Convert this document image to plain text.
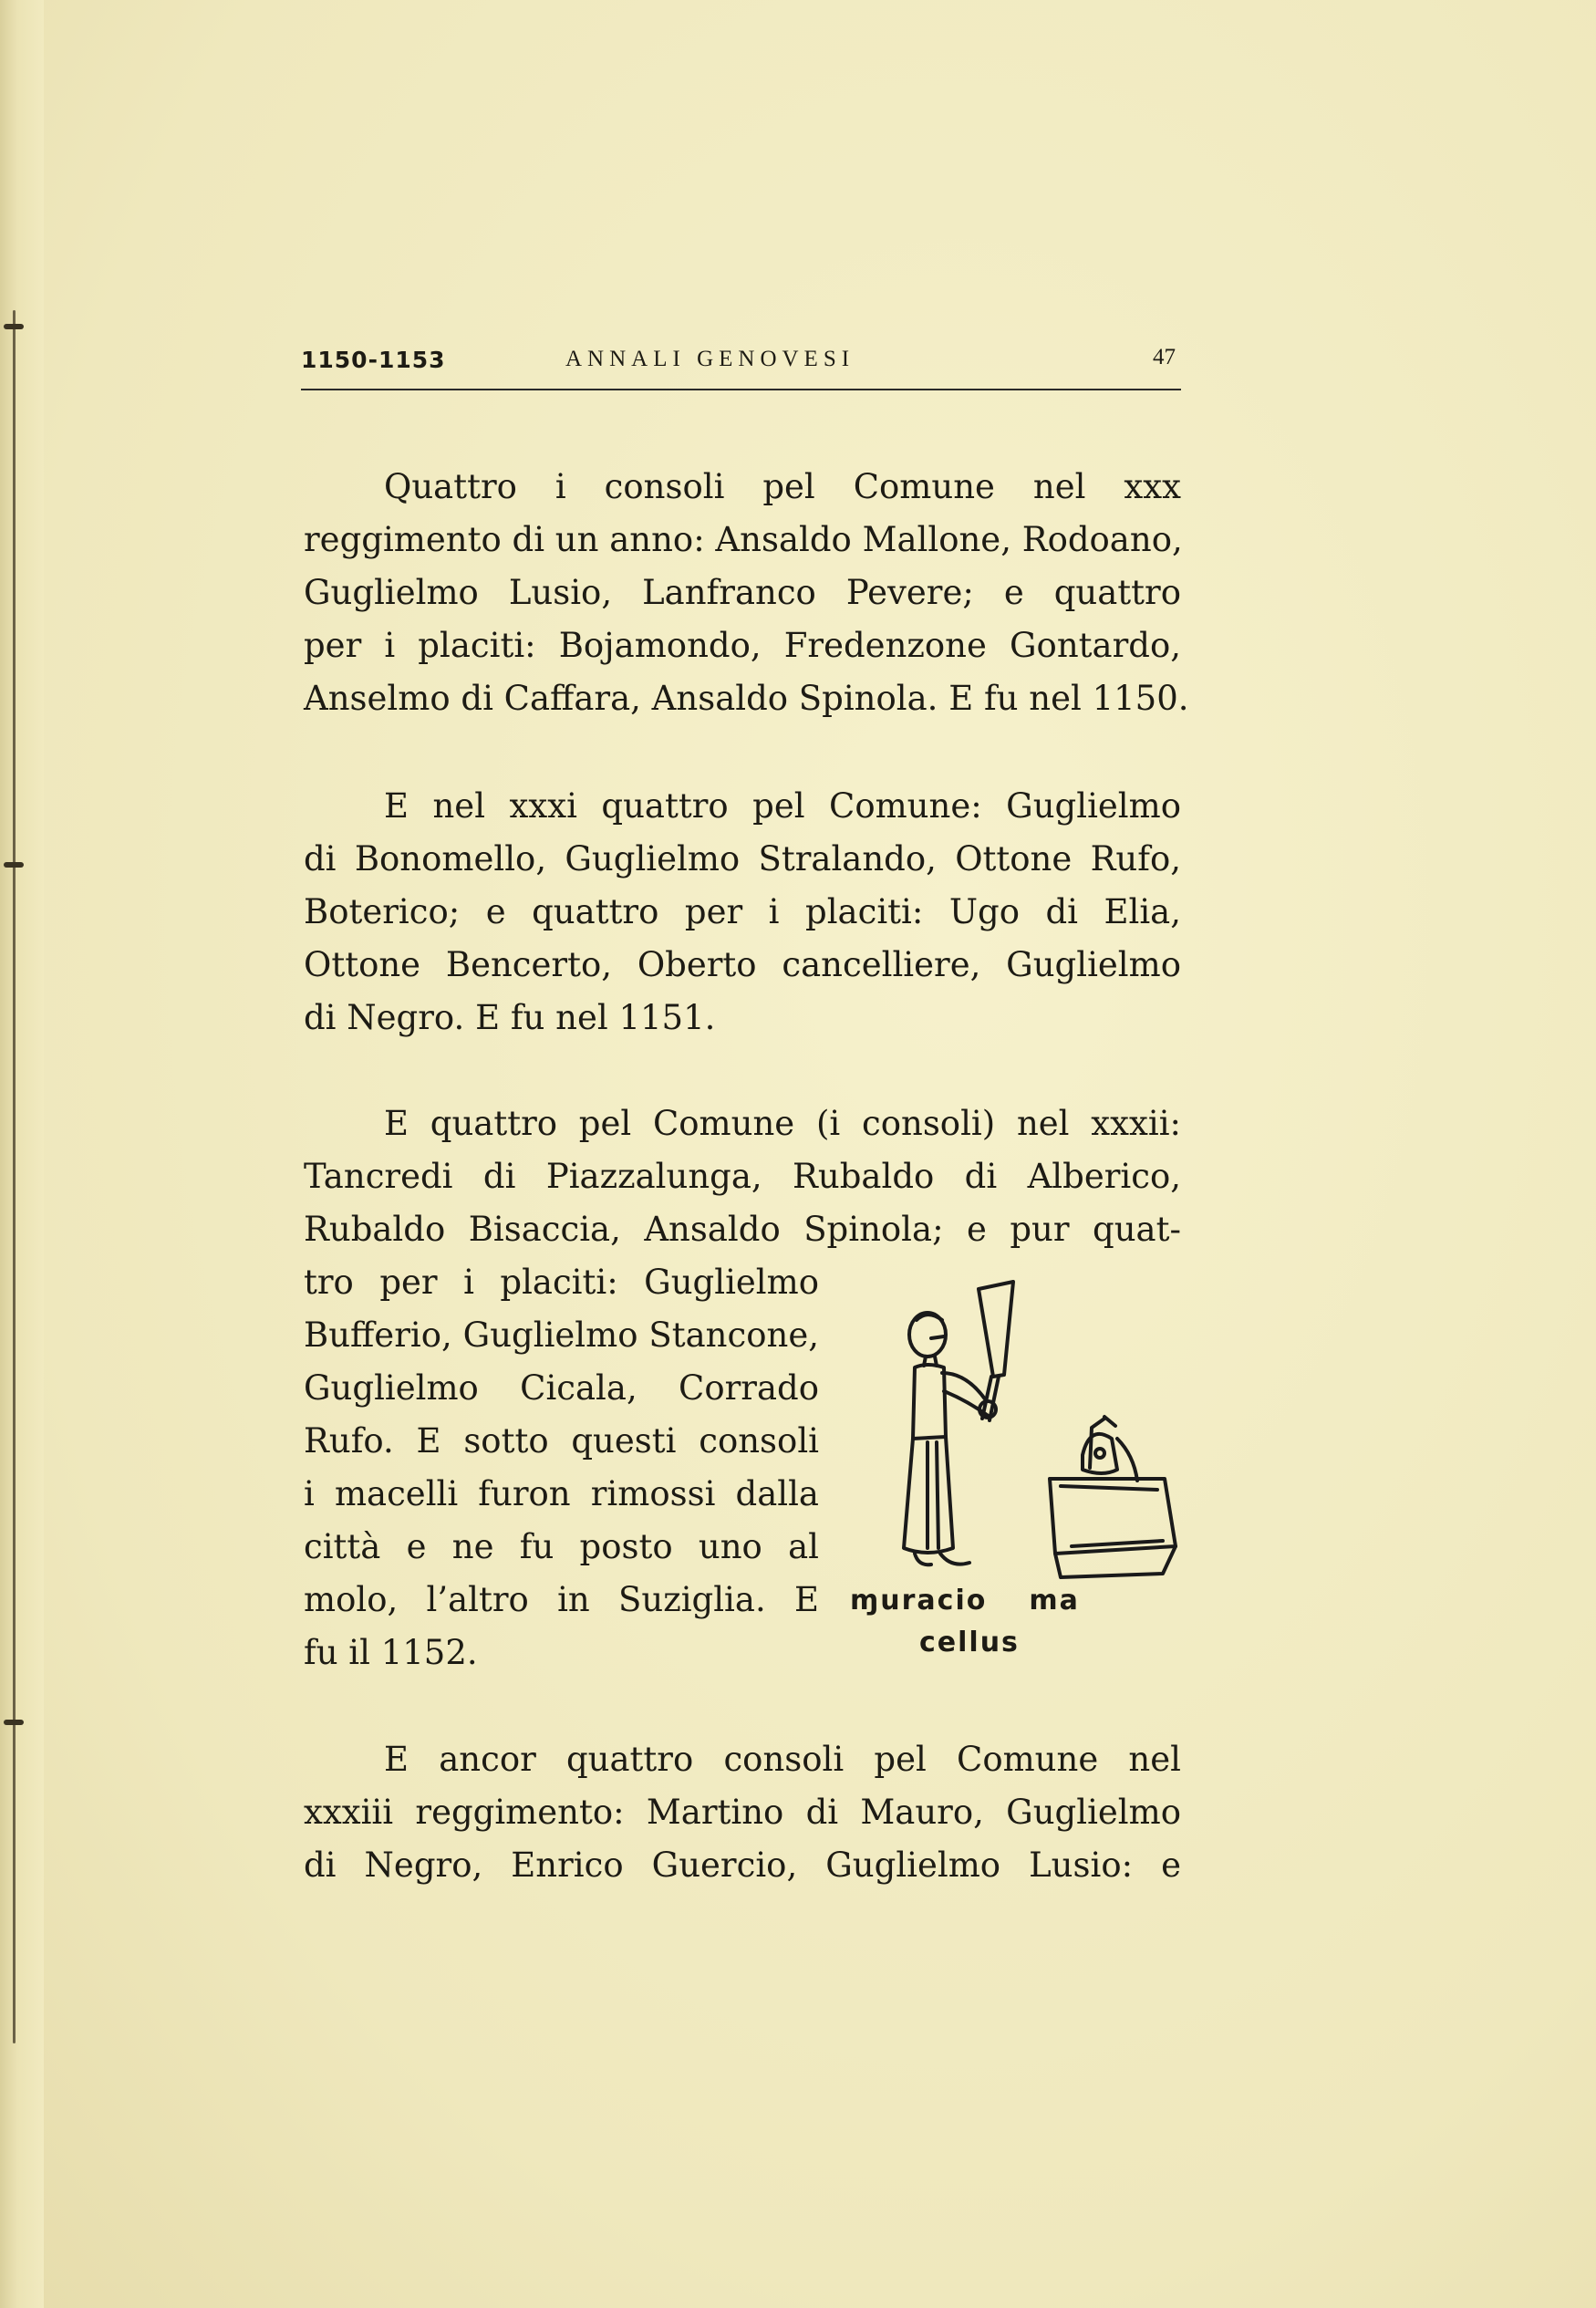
1150-1153	ANNALI GENOVESI	47
Quattro i consoli pel Comune nel xxx
reggimento di un anno: Ansaldo Mallone, Rodoano,
Guglielmo Lusio, Lanfranco Pevere; e quattro
per i placiti: Bojamondo, Fredenzone Gontardo,
Anselmo di Caffara, Ansaldo Spinola. E fu nel 1150.
E nel xxxi quattro pel Comune: Guglielmo
di Bonomello, Guglielmo Stralando, Ottone Rufo,
Boterico; e quattro per i placiti: Ugo di Elia,
Ottone Bencerto, Oberto cancelliere, Guglielmo
di Negro. E fu nel 1151.
E quattro pel Comune (i consoli) nel xxxii:
Tancredi di Piazzalunga, Rubaldo di Alberico,
Rubaldo Bisaccia, Ansaldo Spinola; e pur quat-
tro per i placiti: Guglielmo
Bufferio, Guglielmo Stancone,
Guglielmo Cicala, Corrado
Rufo. E sotto questi consoli
i macelli furon rimossi dalla
città e ne fu posto uno al
molo, l’altro in Suziglia. E
fu il 1152.
ɱuracio ma
cellus
E ancor quattro consoli pel Comune nel
xxxiii reggimento: Martino di Mauro, Guglielmo
di Negro, Enrico Guercio, Guglielmo Lusio: e
